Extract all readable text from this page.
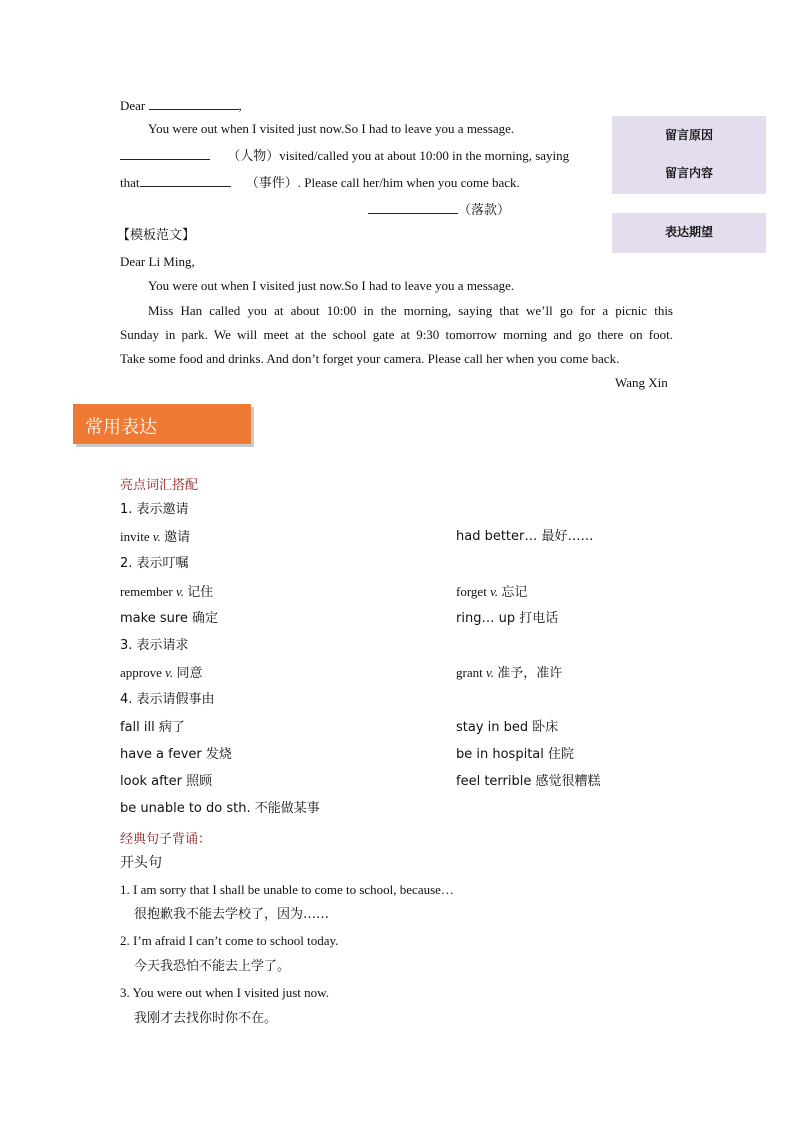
Dear	,
You were out when I visited just now.So I had to leave you a message.
（人物）visited/called you at about 10:00 in the morning, saying
that	（事件）. Please call her/him when you come back.
（落款）
留言原因
留言内容
表达期望
【模板范文】
Dear Li Ming,
You were out when I visited just now.So I had to leave you a message.
Miss Han called you at about 10:00 in the morning, saying that we’ll go for a picnic this
Sunday in park. We will meet at the school gate at 9:30 tomorrow morning and go there on foot.
Take some food and drinks. And don’t forget your camera. Please call her when you come back.
Wang Xin
常用表达
亮点词汇搭配
1. 表示邀请
invite v. 邀请	had better… 最好……
2. 表示叮嘱
remember v. 记住	forget v. 忘记
make sure 确定	ring… up 打电话
3. 表示请求
approve v. 同意	grant v. 准予，准许
4. 表示请假事由
fall ill 病了	stay in bed 卧床
have a fever 发烧	be in hospital 住院
look after 照顾	feel terrible 感觉很糟糕
be unable to do sth. 不能做某事
经典句子背诵：
开头句
1. I am sorry that I shall be unable to come to school, because…
很抱歉我不能去学校了，因为……
2. I’m afraid I can’t come to school today.
今天我恐怕不能去上学了。
3. You were out when I visited just now.
我刚才去找你时你不在。
